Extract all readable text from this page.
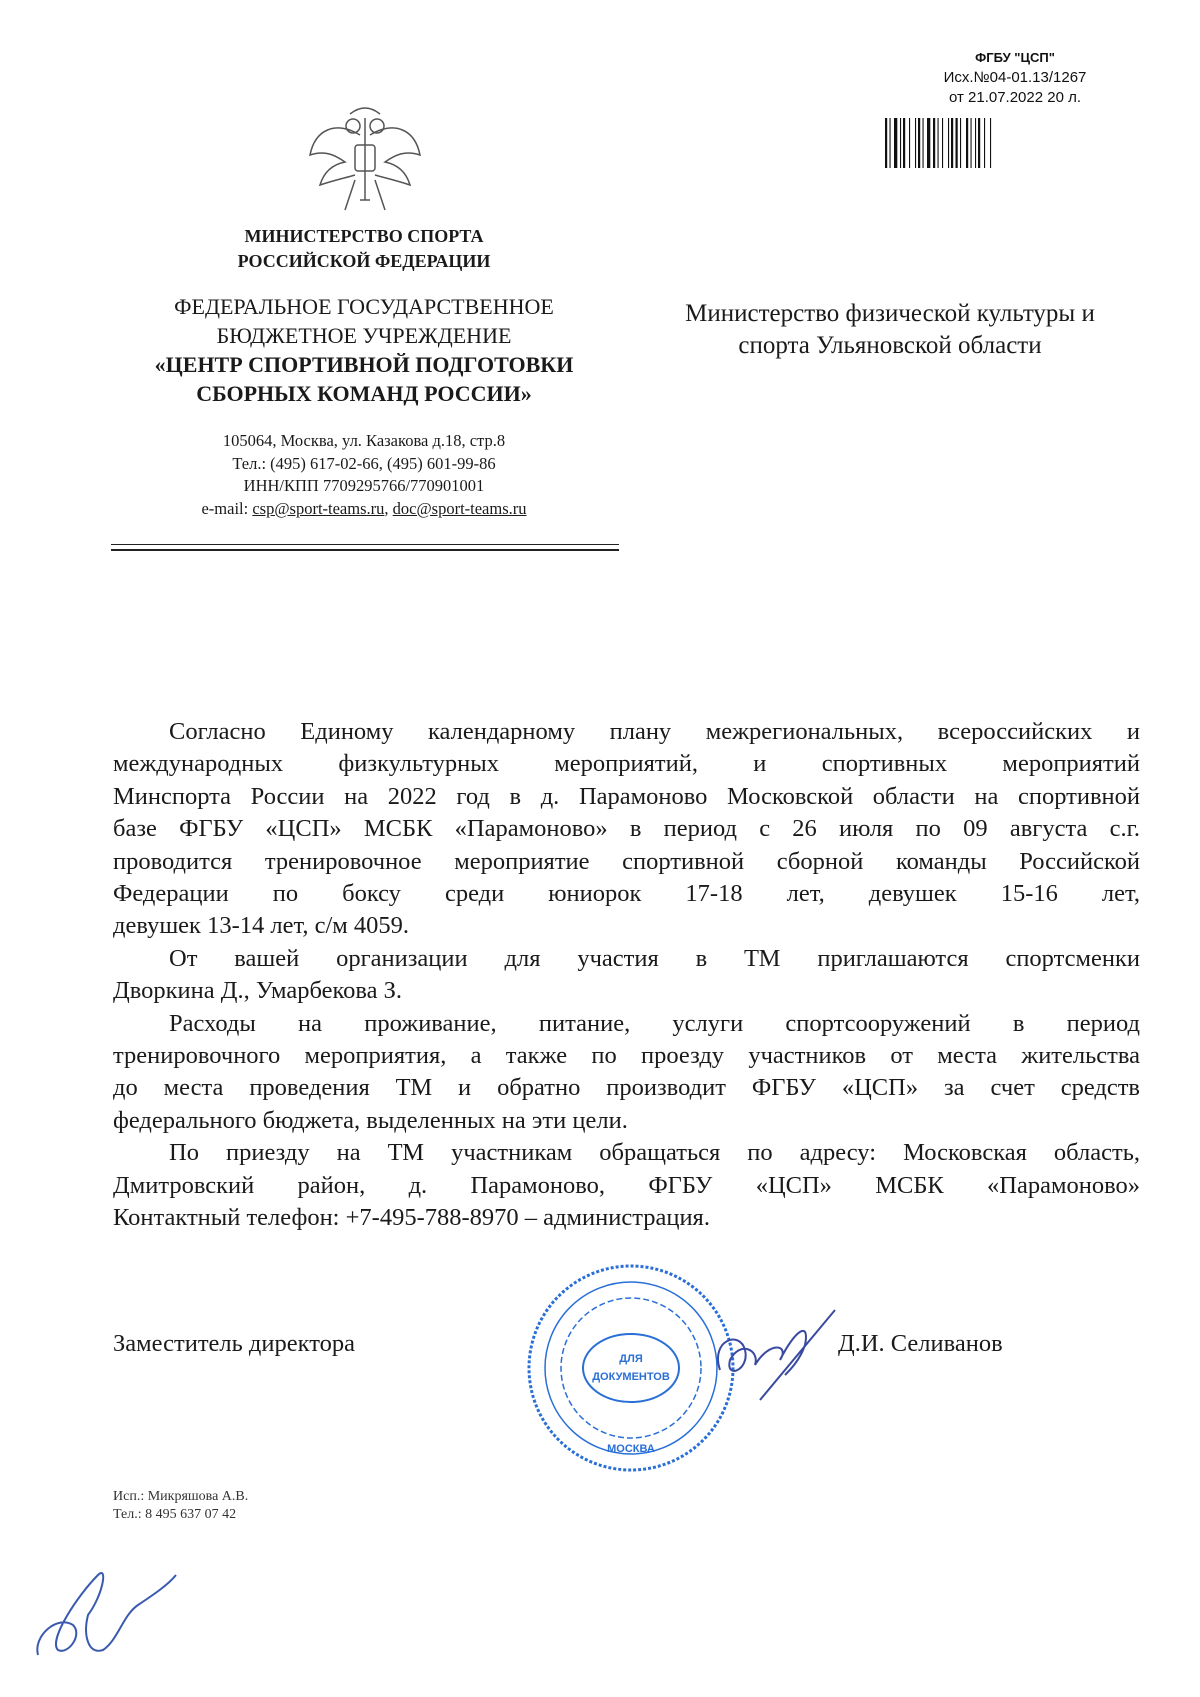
ФГБУ "ЦСП"
Исх.№04-01.13/1267
от 21.07.2022 20 л.
МИНИСТЕРСТВО СПОРТА
РОССИЙСКОЙ ФЕДЕРАЦИИ
ФЕДЕРАЛЬНОЕ ГОСУДАРСТВЕННОЕ
БЮДЖЕТНОЕ УЧРЕЖДЕНИЕ
«ЦЕНТР СПОРТИВНОЙ ПОДГОТОВКИ
СБОРНЫХ КОМАНД РОССИИ»
105064, Москва, ул. Казакова д.18, стр.8
Тел.: (495) 617-02-66, (495) 601-99-86
ИНН/КПП 7709295766/770901001
e-mail: csp@sport-teams.ru, doc@sport-teams.ru
Министерство физической культуры и
спорта Ульяновской области
Согласно Единому календарному плану межрегиональных, всероссийских и
международных физкультурных мероприятий, и спортивных мероприятий
Минспорта России на 2022 год в д. Парамоново Московской области на спортивной
базе ФГБУ «ЦСП» МСБК «Парамоново» в период с 26 июля по 09 августа с.г.
проводится тренировочное мероприятие спортивной сборной команды Российской
Федерации по боксу среди юниорок 17-18 лет, девушек 15-16 лет,
девушек 13-14 лет, с/м 4059.
От вашей организации для участия в ТМ приглашаются спортсменки
Дворкина Д., Умарбекова З.
Расходы на проживание, питание, услуги спортсооружений в период
тренировочного мероприятия, а также по проезду участников от места жительства
до места проведения ТМ и обратно производит ФГБУ «ЦСП» за счет средств
федерального бюджета, выделенных на эти цели.
По приезду на ТМ участникам обращаться по адресу: Московская область,
Дмитровский район, д. Парамоново, ФГБУ «ЦСП» МСБК «Парамоново»
Контактный телефон: +7-495-788-8970 – администрация.
Заместитель директора	Д.И. Селиванов
ДЛЯ
ДОКУМЕНТОВ
МОСКВА
Исп.: Микряшова А.В.
Тел.: 8 495 637 07 42
